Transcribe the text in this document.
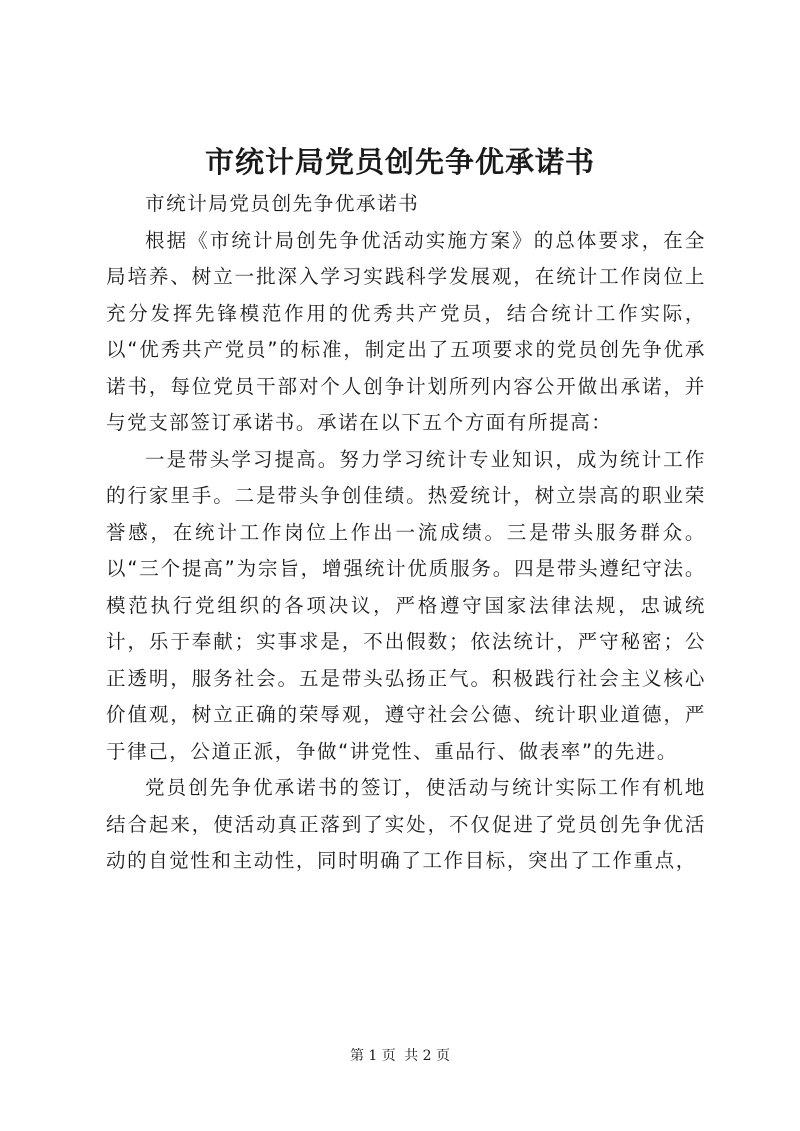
市统计局党员创先争优承诺书

市统计局党员创先争优承诺书

根据《市统计局创先争优活动实施方案》的总体要求，在全局培养、树立一批深入学习实践科学发展观，在统计工作岗位上充分发挥先锋模范作用的优秀共产党员，结合统计工作实际，以“优秀共产党员”的标准，制定出了五项要求的党员创先争优承诺书，每位党员干部对个人创争计划所列内容公开做出承诺，并与党支部签订承诺书。承诺在以下五个方面有所提高：

一是带头学习提高。努力学习统计专业知识，成为统计工作的行家里手。二是带头争创佳绩。热爱统计，树立崇高的职业荣誉感，在统计工作岗位上作出一流成绩。三是带头服务群众。以“三个提高”为宗旨，增强统计优质服务。四是带头遵纪守法。模范执行党组织的各项决议，严格遵守国家法律法规，忠诚统计，乐于奉献；实事求是，不出假数；依法统计，严守秘密；公正透明，服务社会。五是带头弘扬正气。积极践行社会主义核心价值观，树立正确的荣辱观，遵守社会公德、统计职业道德，严于律己，公道正派，争做“讲党性、重品行、做表率”的先进。

党员创先争优承诺书的签订，使活动与统计实际工作有机地结合起来，使活动真正落到了实处，不仅促进了党员创先争优活动的自觉性和主动性，同时明确了工作目标，突出了工作重点，

第 1 页 共 2 页
